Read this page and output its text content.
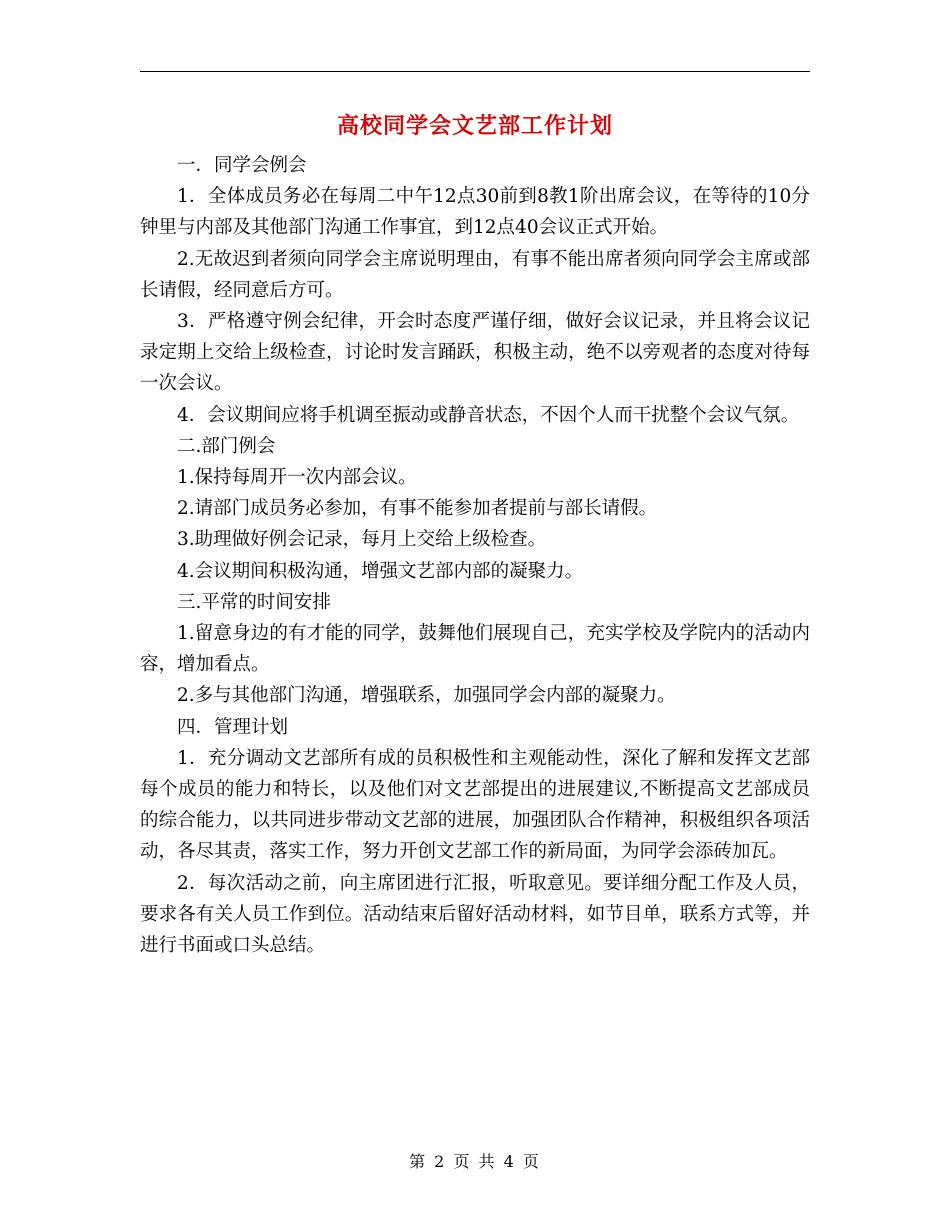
高校同学会文艺部工作计划

一．同学会例会

1．全体成员务必在每周二中午12点30前到8教1阶出席会议，在等待的10分钟里与内部及其他部门沟通工作事宜，到12点40会议正式开始。

2.无故迟到者须向同学会主席说明理由，有事不能出席者须向同学会主席或部长请假，经同意后方可。

3．严格遵守例会纪律，开会时态度严谨仔细，做好会议记录，并且将会议记录定期上交给上级检查，讨论时发言踊跃，积极主动，绝不以旁观者的态度对待每一次会议。

4．会议期间应将手机调至振动或静音状态，不因个人而干扰整个会议气氛。

二.部门例会

1.保持每周开一次内部会议。

2.请部门成员务必参加，有事不能参加者提前与部长请假。

3.助理做好例会记录，每月上交给上级检查。

4.会议期间积极沟通，增强文艺部内部的凝聚力。

三.平常的时间安排

1.留意身边的有才能的同学，鼓舞他们展现自己，充实学校及学院内的活动内容，增加看点。

2.多与其他部门沟通，增强联系，加强同学会内部的凝聚力。

四．管理计划

1．充分调动文艺部所有成的员积极性和主观能动性，深化了解和发挥文艺部每个成员的能力和特长，以及他们对文艺部提出的进展建议,不断提高文艺部成员的综合能力，以共同进步带动文艺部的进展，加强团队合作精神，积极组织各项活动，各尽其责，落实工作，努力开创文艺部工作的新局面，为同学会添砖加瓦。

2．每次活动之前，向主席团进行汇报，听取意见。要详细分配工作及人员，要求各有关人员工作到位。活动结束后留好活动材料，如节目单，联系方式等，并进行书面或口头总结。

第 2 页 共 4 页
